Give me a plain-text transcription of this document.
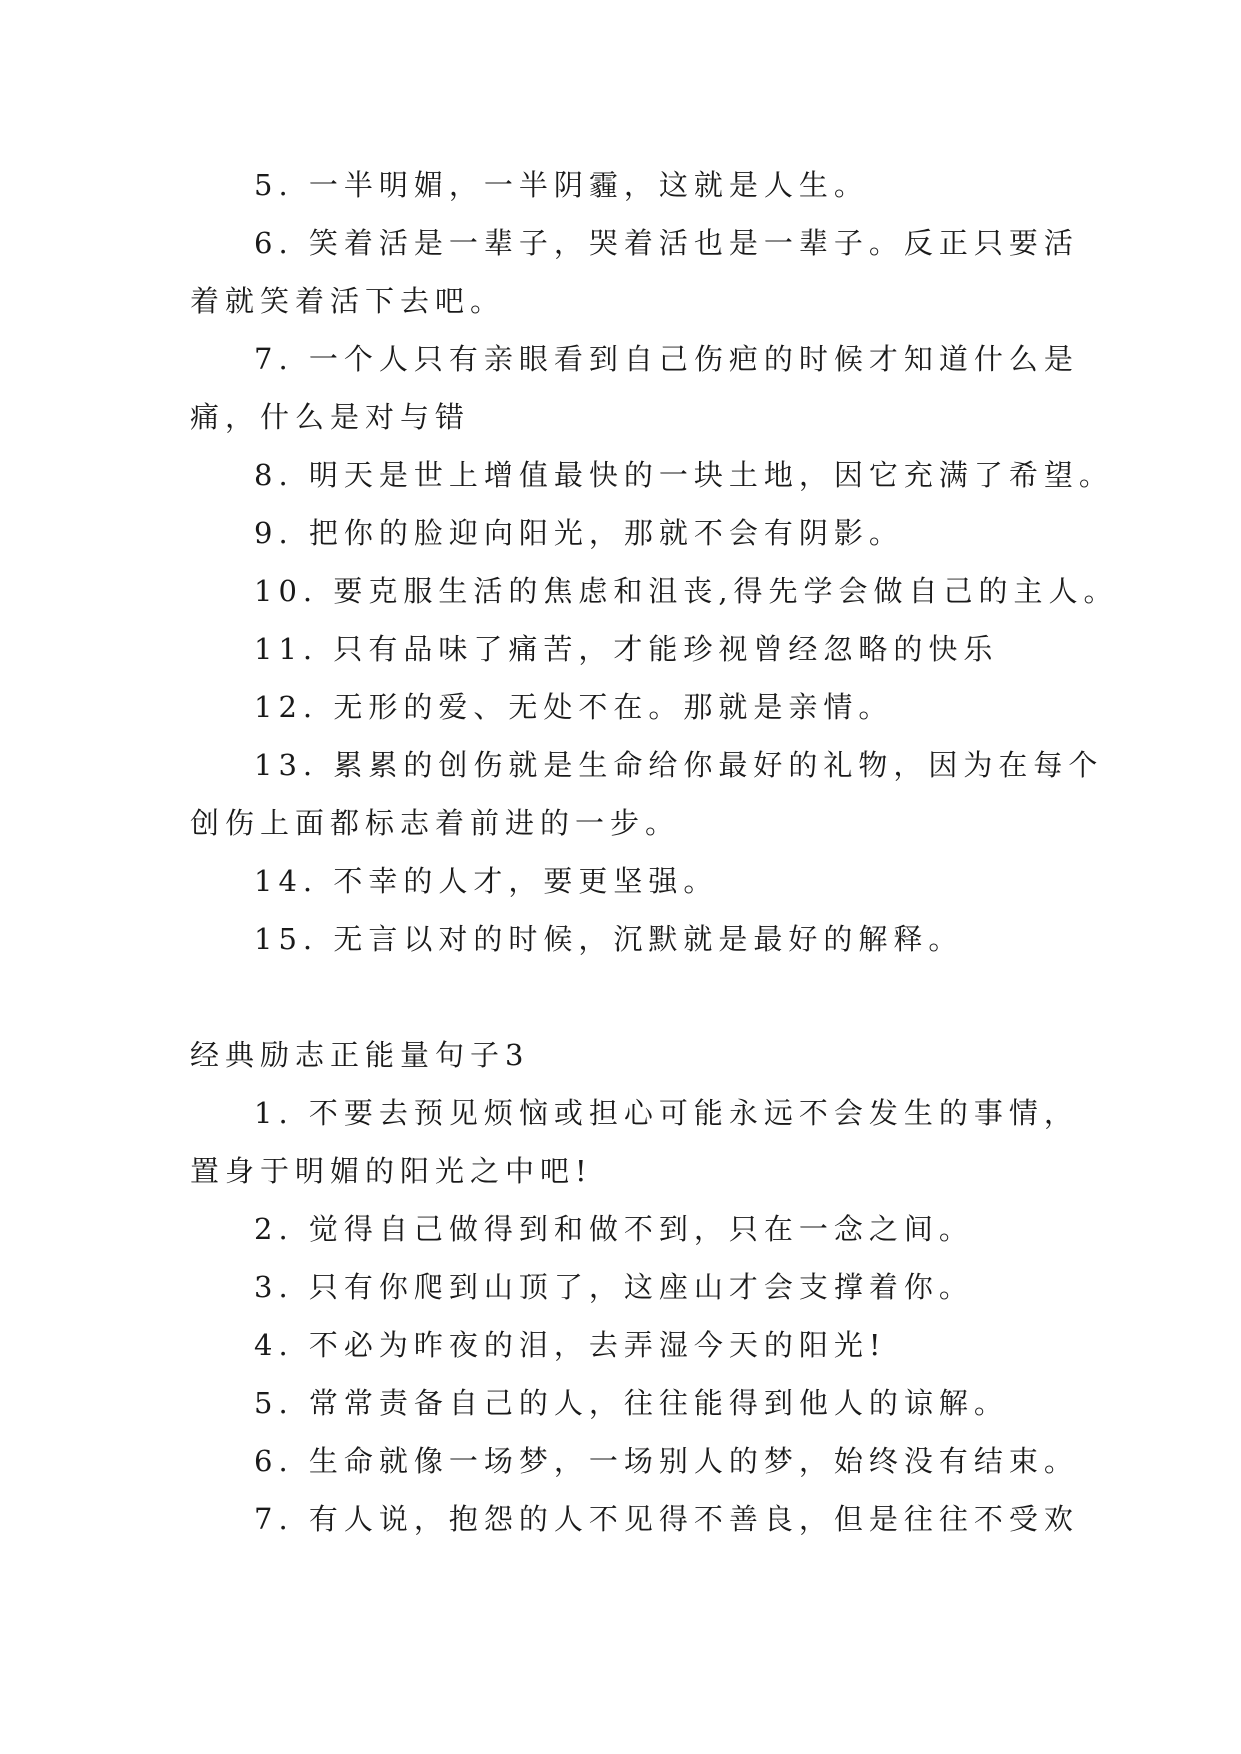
5. 一半明媚，一半阴霾，这就是人生。
6. 笑着活是一辈子，哭着活也是一辈子。反正只要活
着就笑着活下去吧。
7. 一个人只有亲眼看到自己伤疤的时候才知道什么是
痛，什么是对与错
8. 明天是世上增值最快的一块土地，因它充满了希望。
9. 把你的脸迎向阳光，那就不会有阴影。
10. 要克服生活的焦虑和沮丧,得先学会做自己的主人。
11. 只有品味了痛苦，才能珍视曾经忽略的快乐
12. 无形的爱、无处不在。那就是亲情。
13. 累累的创伤就是生命给你最好的礼物，因为在每个
创伤上面都标志着前进的一步。
14. 不幸的人才，要更坚强。
15. 无言以对的时候，沉默就是最好的解释。
经典励志正能量句子3
1. 不要去预见烦恼或担心可能永远不会发生的事情，
置身于明媚的阳光之中吧!
2. 觉得自己做得到和做不到，只在一念之间。
3. 只有你爬到山顶了，这座山才会支撑着你。
4. 不必为昨夜的泪，去弄湿今天的阳光!
5. 常常责备自己的人，往往能得到他人的谅解。
6. 生命就像一场梦，一场别人的梦，始终没有结束。
7. 有人说，抱怨的人不见得不善良，但是往往不受欢
